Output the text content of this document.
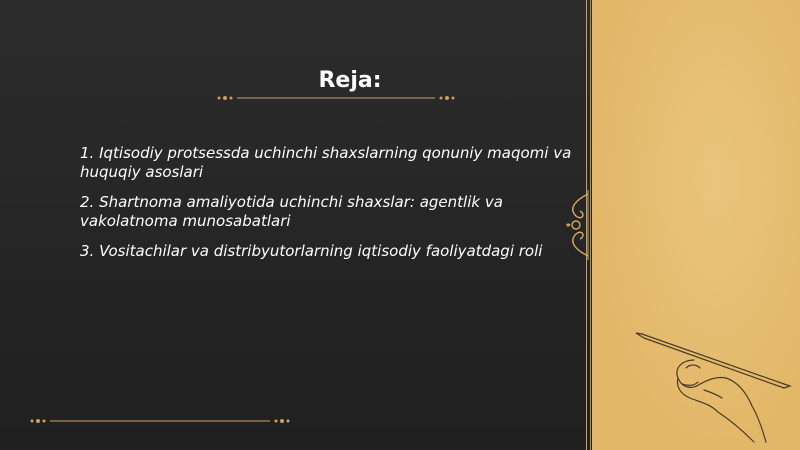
Reja:
1. Iqtisodiy protsessda uchinchi shaxslarning qonuniy maqomi va huquqiy asoslari
2. Shartnoma amaliyotida uchinchi shaxslar: agentlik va vakolatnoma munosabatlari
3. Vositachilar va distribyutorlarning iqtisodiy faoliyatdagi roli
